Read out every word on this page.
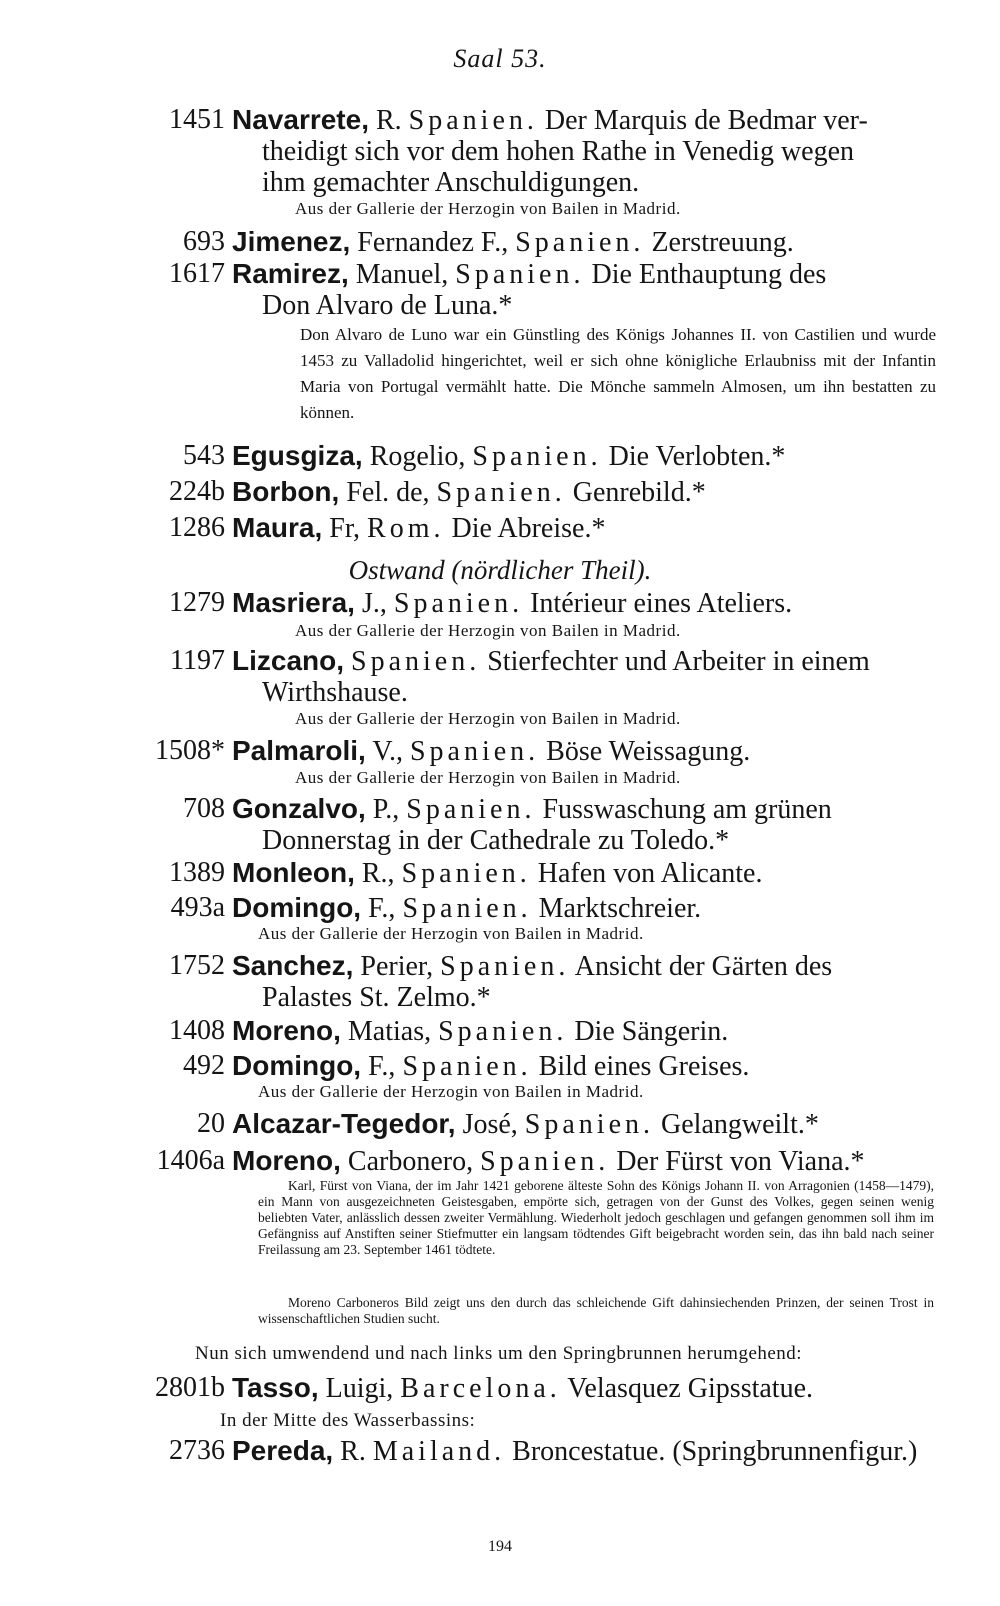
Saal 53.
1451 Navarrete, R. Spanien. Der Marquis de Bedmar ver-
theidigt sich vor dem hohen Rathe in Venedig wegen
ihm gemachter Anschuldigungen.
Aus der Gallerie der Herzogin von Bailen in Madrid.
693 Jimenez, Fernandez F., Spanien. Zerstreuung.
1617 Ramirez, Manuel, Spanien. Die Enthauptung des
Don Alvaro de Luna.*
Don Alvaro de Luno war ein Günstling des Königs Johannes II. von Castilien und wurde 1453 zu Valladolid hingerichtet, weil er sich ohne königliche Erlaubniss mit der Infantin Maria von Portugal vermählt hatte. Die Mönche sammeln Almosen, um ihn bestatten zu können.
543 Egusgiza, Rogelio, Spanien. Die Verlobten.*
224b Borbon, Fel. de, Spanien. Genrebild.*
1286 Maura, Fr, Rom. Die Abreise.*
Ostwand (nördlicher Theil).
1279 Masriera, J., Spanien. Intérieur eines Ateliers.
Aus der Gallerie der Herzogin von Bailen in Madrid.
1197 Lizcano, Spanien. Stierfechter und Arbeiter in einem
Wirthshause.
Aus der Gallerie der Herzogin von Bailen in Madrid.
1508* Palmaroli, V., Spanien. Böse Weissagung.
Aus der Gallerie der Herzogin von Bailen in Madrid.
708 Gonzalvo, P., Spanien. Fusswaschung am grünen
Donnerstag in der Cathedrale zu Toledo.*
1389 Monleon, R., Spanien. Hafen von Alicante.
493a Domingo, F., Spanien. Marktschreier.
Aus der Gallerie der Herzogin von Bailen in Madrid.
1752 Sanchez, Perier, Spanien. Ansicht der Gärten des
Palastes St. Zelmo.*
1408 Moreno, Matias, Spanien. Die Sängerin.
492 Domingo, F., Spanien. Bild eines Greises.
Aus der Gallerie der Herzogin von Bailen in Madrid.
20 Alcazar-Tegedor, José, Spanien. Gelangweilt.*
1406a Moreno, Carbonero, Spanien. Der Fürst von Viana.*
Karl, Fürst von Viana, der im Jahr 1421 geborene älteste Sohn des Königs Johann II. von Arragonien (1458—1479), ein Mann von ausgezeichneten Geistesgaben, empörte sich, getragen von der Gunst des Volkes, gegen seinen wenig beliebten Vater, anlässlich dessen zweiter Vermählung. Wiederholt jedoch geschlagen und gefangen genommen soll ihm im Gefängniss auf Anstiften seiner Stiefmutter ein langsam tödtendes Gift beigebracht worden sein, das ihn bald nach seiner Freilassung am 23. September 1461 tödtete.
Moreno Carboneros Bild zeigt uns den durch das schleichende Gift dahinsiechenden Prinzen, der seinen Trost in wissenschaftlichen Studien sucht.
Nun sich umwendend und nach links um den Springbrunnen herumgehend:
2801b Tasso, Luigi, Barcelona. Velasquez Gipsstatue.
In der Mitte des Wasserbassins:
2736 Pereda, R. Mailand. Broncestatue. (Springbrunnenfigur.)
194
